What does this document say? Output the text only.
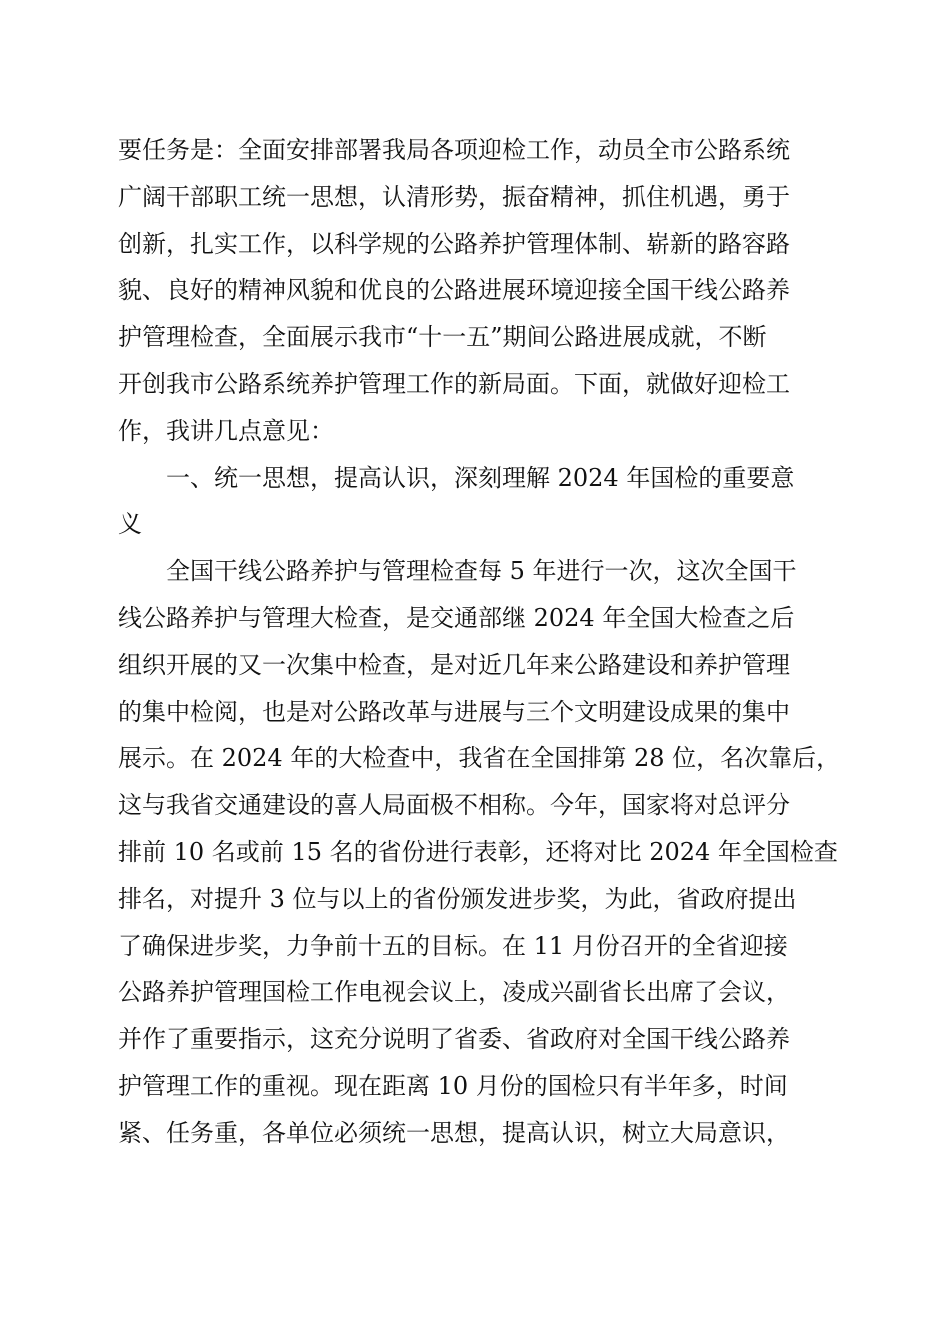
要任务是：全面安排部署我局各项迎检工作，动员全市公路系统
广阔干部职工统一思想，认清形势，振奋精神，抓住机遇，勇于
创新，扎实工作，以科学规的公路养护管理体制、崭新的路容路
貌、良好的精神风貌和优良的公路进展环境迎接全国干线公路养
护管理检查，全面展示我市“十一五”期间公路进展成就，不断
开创我市公路系统养护管理工作的新局面。下面，就做好迎检工
作，我讲几点意见：
一、统一思想，提高认识，深刻理解 2024 年国检的重要意
义
全国干线公路养护与管理检查每 5 年进行一次，这次全国干
线公路养护与管理大检查，是交通部继 2024 年全国大检查之后
组织开展的又一次集中检查，是对近几年来公路建设和养护管理
的集中检阅，也是对公路改革与进展与三个文明建设成果的集中
展示。在 2024 年的大检查中，我省在全国排第 28 位，名次靠后，
这与我省交通建设的喜人局面极不相称。今年，国家将对总评分
排前 10 名或前 15 名的省份进行表彰，还将对比 2024 年全国检查
排名，对提升 3 位与以上的省份颁发进步奖，为此，省政府提出
了确保进步奖，力争前十五的目标。在 11 月份召开的全省迎接
公路养护管理国检工作电视会议上，凌成兴副省长出席了会议，
并作了重要指示，这充分说明了省委、省政府对全国干线公路养
护管理工作的重视。现在距离 10 月份的国检只有半年多，时间
紧、任务重，各单位必须统一思想，提高认识，树立大局意识，
